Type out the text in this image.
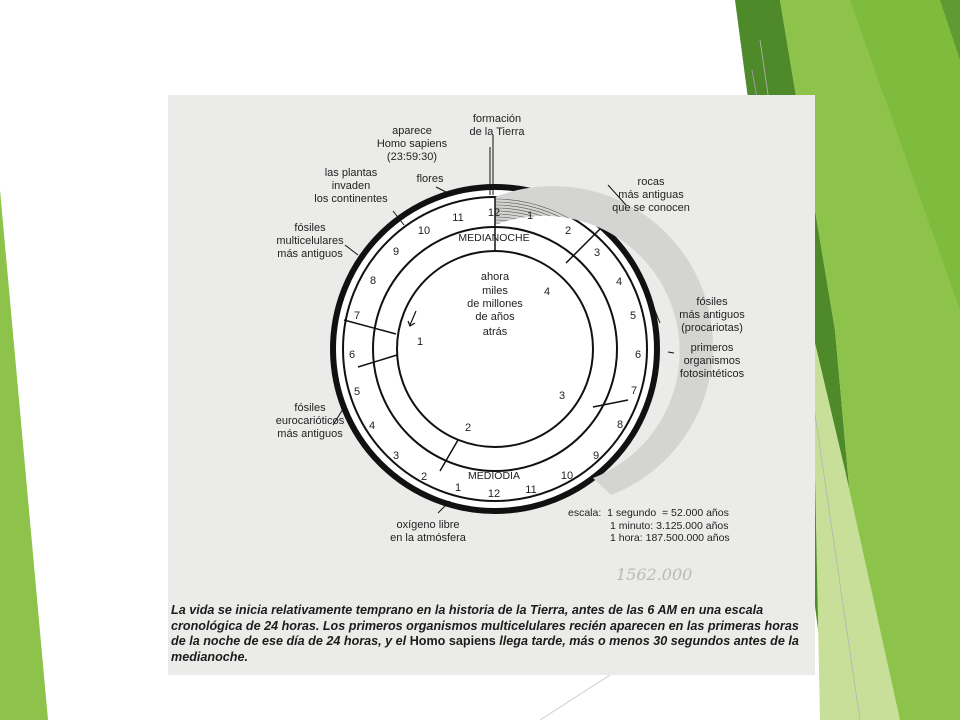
formación
de la Tierra
aparece
Homo sapiens
(23:59:30)
flores
las plantas
invaden
los continentes
fósiles
multicelulares
más antiguos
fósiles
eurocarióticos
más antiguos
oxígeno libre
en la atmósfera
rocas
más antiguas
que se conocen
fósiles
más antiguos
(procariotas)
primeros
organismos
fotosintéticos
MEDIANOCHE
MEDIODÍA
ahora
miles
de millones
de años
atrás
4
3
2
1
12
12
1
2
3
4
5
6
7
8
9
10
11	1
2
3
4
5
6
7
8
9
10
11
escala: 1 segundo  = 52.000 años
1 minuto: 3.125.000 años
1 hora: 187.500.000 años
1562.000
La vida se inicia relativamente temprano en la historia de la Tierra, antes de las 6 AM en una escala cronológica de 24 horas. Los primeros organismos multicelulares recién aparecen en las primeras horas de la noche de ese día de 24 horas, y el Homo sapiens llega tarde, más o menos 30 segundos antes de la medianoche.
